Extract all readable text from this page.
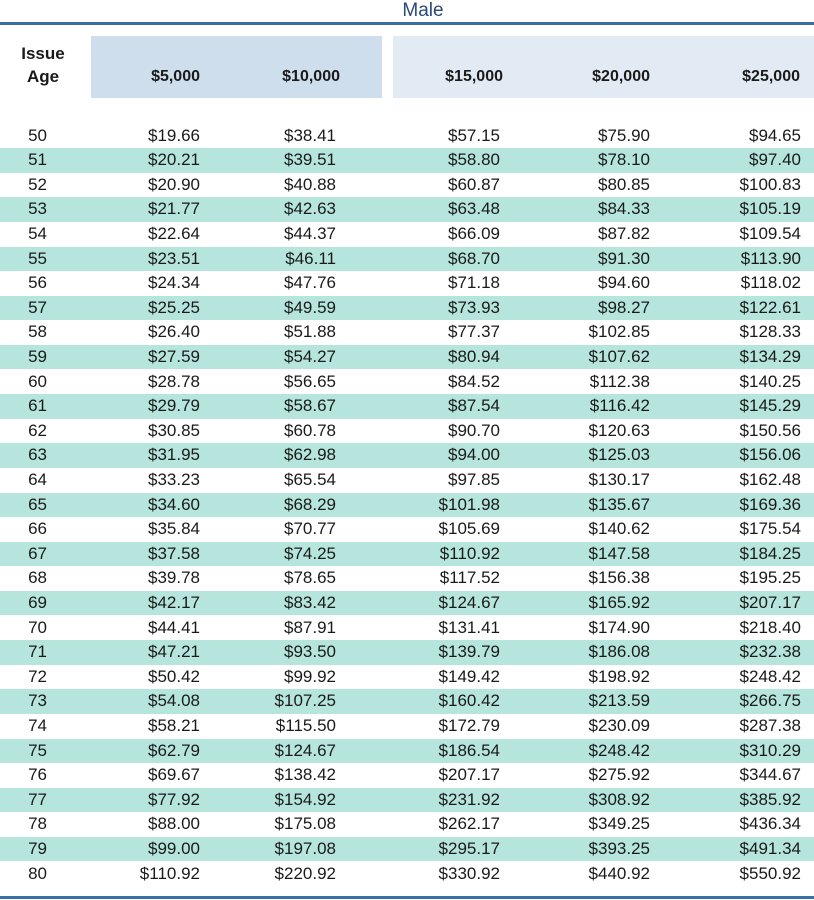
Male
Issue
Age	$5,000	$10,000	$15,000	$20,000	$25,000
50	$19.66	$38.41	$57.15	$75.90	$94.65
51	$20.21	$39.51	$58.80	$78.10	$97.40
52	$20.90	$40.88	$60.87	$80.85	$100.83
53	$21.77	$42.63	$63.48	$84.33	$105.19
54	$22.64	$44.37	$66.09	$87.82	$109.54
55	$23.51	$46.11	$68.70	$91.30	$113.90
56	$24.34	$47.76	$71.18	$94.60	$118.02
57	$25.25	$49.59	$73.93	$98.27	$122.61
58	$26.40	$51.88	$77.37	$102.85	$128.33
59	$27.59	$54.27	$80.94	$107.62	$134.29
60	$28.78	$56.65	$84.52	$112.38	$140.25
61	$29.79	$58.67	$87.54	$116.42	$145.29
62	$30.85	$60.78	$90.70	$120.63	$150.56
63	$31.95	$62.98	$94.00	$125.03	$156.06
64	$33.23	$65.54	$97.85	$130.17	$162.48
65	$34.60	$68.29	$101.98	$135.67	$169.36
66	$35.84	$70.77	$105.69	$140.62	$175.54
67	$37.58	$74.25	$110.92	$147.58	$184.25
68	$39.78	$78.65	$117.52	$156.38	$195.25
69	$42.17	$83.42	$124.67	$165.92	$207.17
70	$44.41	$87.91	$131.41	$174.90	$218.40
71	$47.21	$93.50	$139.79	$186.08	$232.38
72	$50.42	$99.92	$149.42	$198.92	$248.42
73	$54.08	$107.25	$160.42	$213.59	$266.75
74	$58.21	$115.50	$172.79	$230.09	$287.38
75	$62.79	$124.67	$186.54	$248.42	$310.29
76	$69.67	$138.42	$207.17	$275.92	$344.67
77	$77.92	$154.92	$231.92	$308.92	$385.92
78	$88.00	$175.08	$262.17	$349.25	$436.34
79	$99.00	$197.08	$295.17	$393.25	$491.34
80	$110.92	$220.92	$330.92	$440.92	$550.92
